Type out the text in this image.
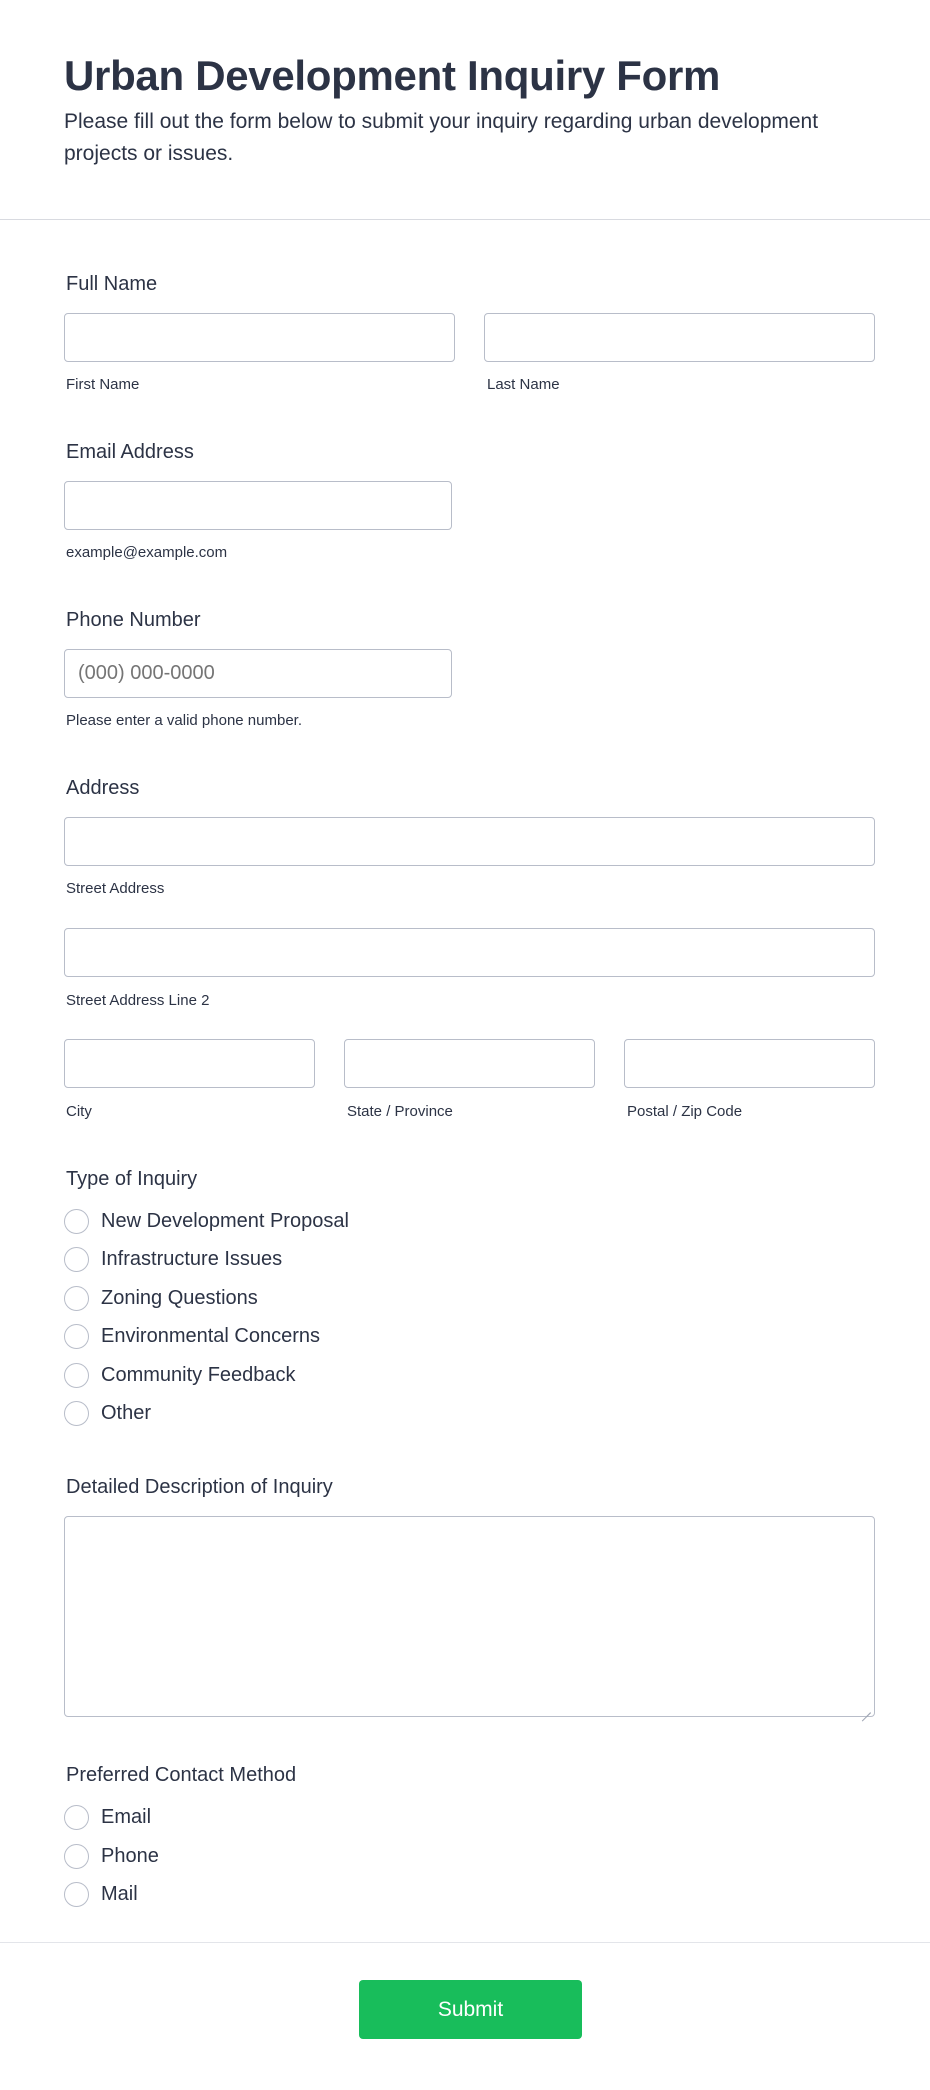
Urban Development Inquiry Form
Please fill out the form below to submit your inquiry regarding urban development projects or issues.
Full Name
First Name	Last Name
Email Address
example@example.com
Phone Number
(000) 000-0000
Please enter a valid phone number.
Address
Street Address
Street Address Line 2
City	State / Province	Postal / Zip Code
Type of Inquiry
New Development Proposal
Infrastructure Issues
Zoning Questions
Environmental Concerns
Community Feedback
Other
Detailed Description of Inquiry
Preferred Contact Method
Email
Phone
Mail
Submit
